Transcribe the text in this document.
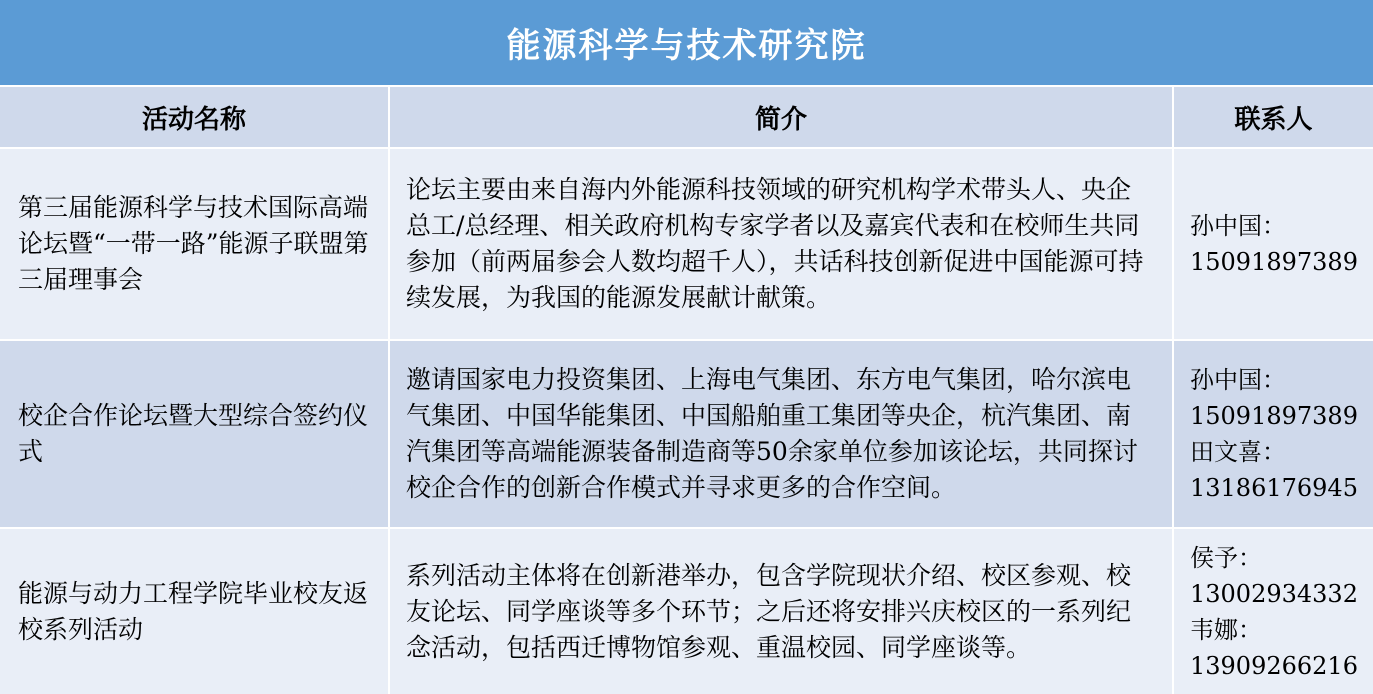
能源科学与技术研究院
活动名称	简介	联系人
第三届能源科学与技术国际高端论坛暨“一带一路”能源子联盟第三届理事会
论坛主要由来自海内外能源科技领域的研究机构学术带头人、央企总工/总经理、相关政府机构专家学者以及嘉宾代表和在校师生共同参加（前两届参会人数均超千人），共话科技创新促进中国能源可持续发展，为我国的能源发展献计献策。
孙中国：
15091897389
校企合作论坛暨大型综合签约仪式
邀请国家电力投资集团、上海电气集团、东方电气集团，哈尔滨电气集团、中国华能集团、中国船舶重工集团等央企，杭汽集团、南汽集团等高端能源装备制造商等50余家单位参加该论坛，共同探讨校企合作的创新合作模式并寻求更多的合作空间。
孙中国：
15091897389
田文喜：
13186176945
能源与动力工程学院毕业校友返校系列活动
系列活动主体将在创新港举办，包含学院现状介绍、校区参观、校友论坛、同学座谈等多个环节；之后还将安排兴庆校区的一系列纪念活动，包括西迁博物馆参观、重温校园、同学座谈等。
侯予：
13002934332
韦娜：
13909266216
